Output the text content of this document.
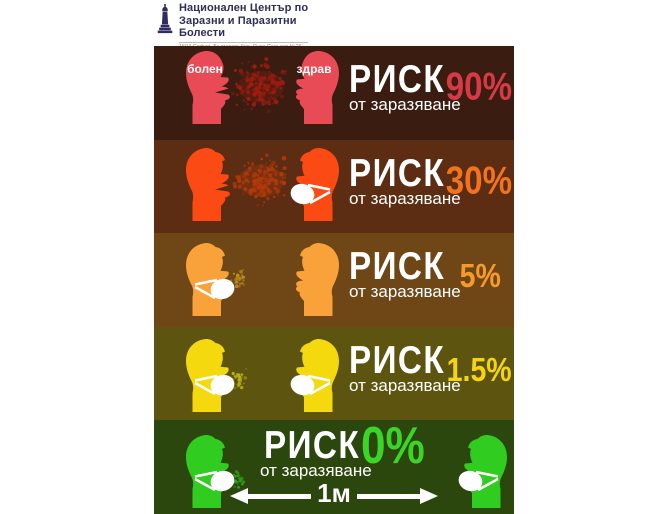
Национален Център по
Заразни и Паразитни
Болести
болен	здрав РИСК
от заразяване
90%
РИСК
от заразяване
30%
РИСК
от заразяване 5%
РИСК
от заразяване
1.5%
РИСК
от заразяване
0%
1м
